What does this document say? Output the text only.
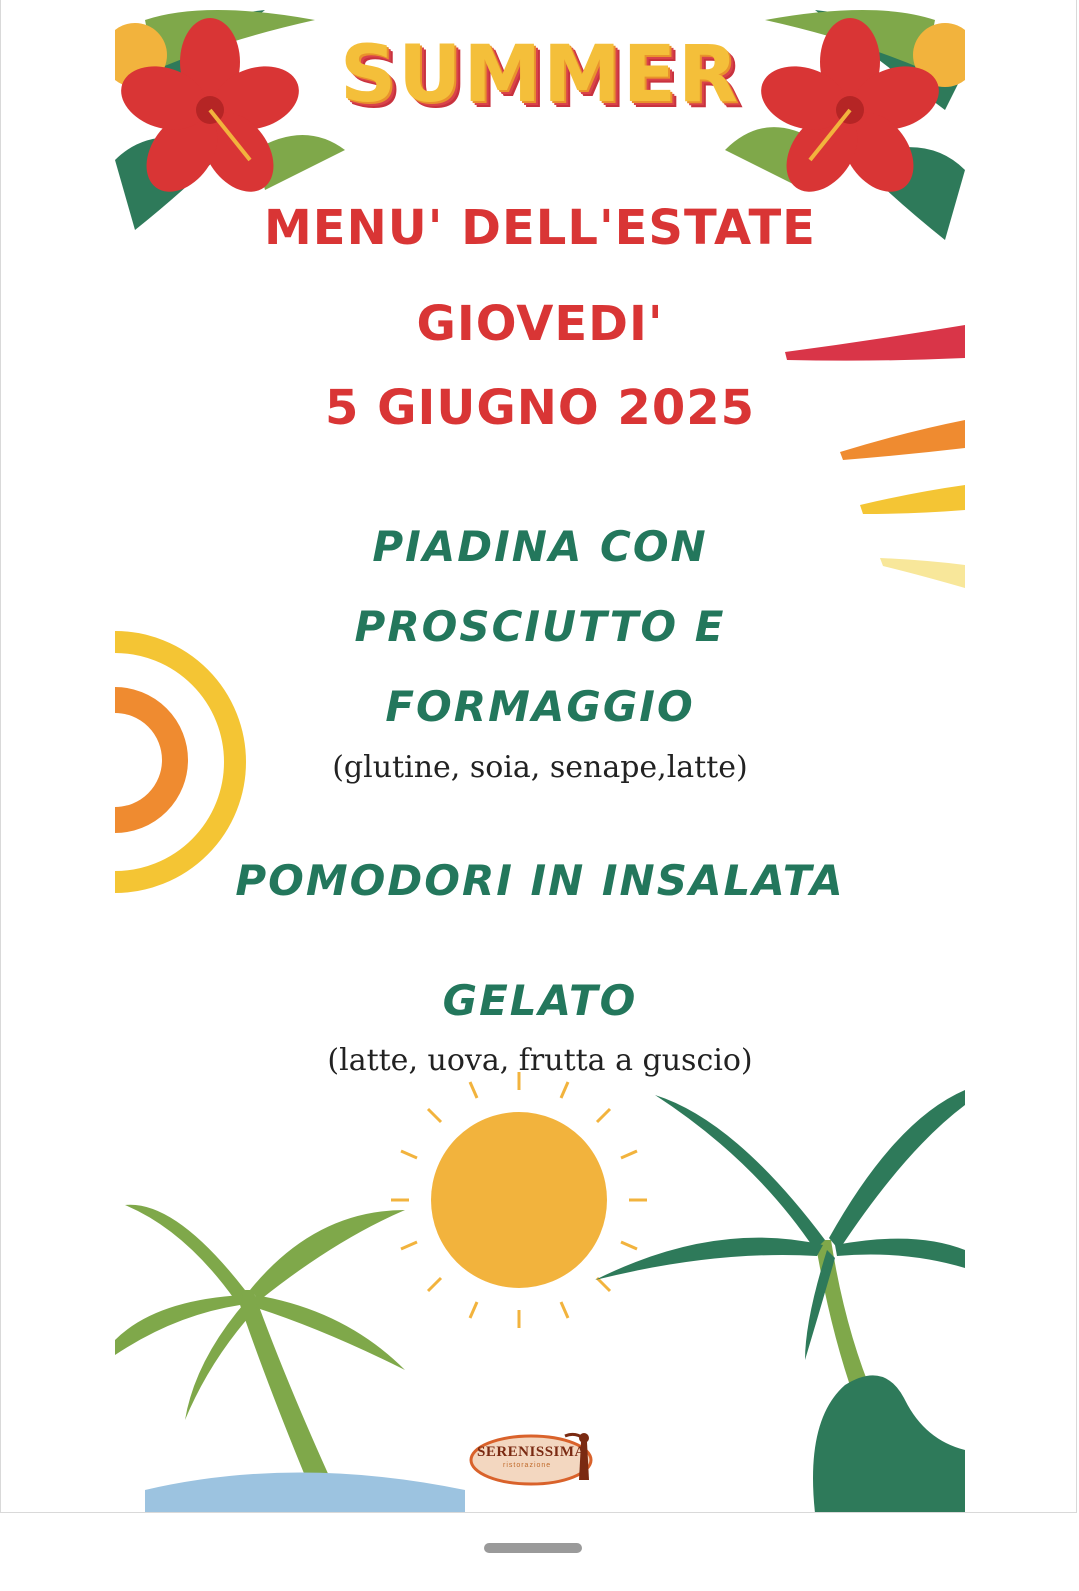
SUMMER
MENU' DELL'ESTATE
GIOVEDI'
5 GIUGNO 2025
PIADINA CON
PROSCIUTTO E
FORMAGGIO
(glutine, soia, senape,latte)
POMODORI IN INSALATA
GELATO
(latte, uova, frutta a guscio)
SERENISSIMA
ristorazione
